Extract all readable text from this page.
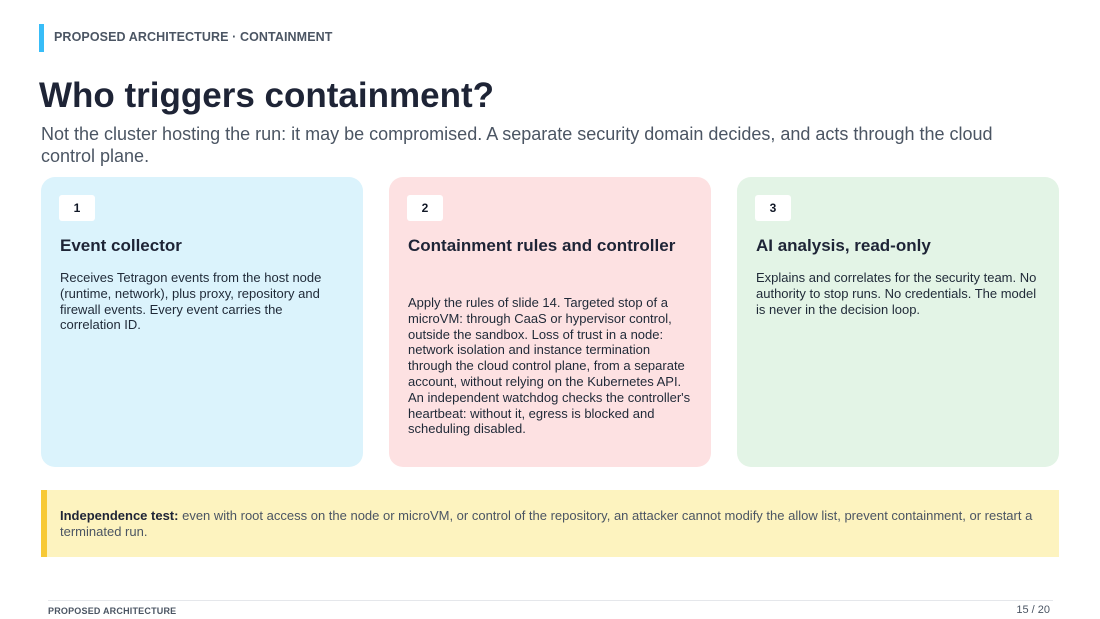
PROPOSED ARCHITECTURE · CONTAINMENT
Who triggers containment?

Not the cluster hosting the run: it may be compromised. A separate security domain decides, and acts through the cloud control plane.

1
Event collector

Receives Tetragon events from the host node (runtime, network), plus proxy, repository and firewall events. Every event carries the correlation ID.

2
Containment rules and controller

Apply the rules of slide 14. Targeted stop of a microVM: through CaaS or hypervisor control, outside the sandbox. Loss of trust in a node: network isolation and instance termination through the cloud control plane, from a separate account, without relying on the Kubernetes API. An independent watchdog checks the controller's heartbeat: without it, egress is blocked and scheduling disabled.

3
AI analysis, read-only

Explains and correlates for the security team. No authority to stop runs. No credentials. The model is never in the decision loop.

Independence test: even with root access on the node or microVM, or control of the repository, an attacker cannot modify the allow list, prevent containment, or restart a terminated run.
PROPOSED ARCHITECTURE	15 / 20
